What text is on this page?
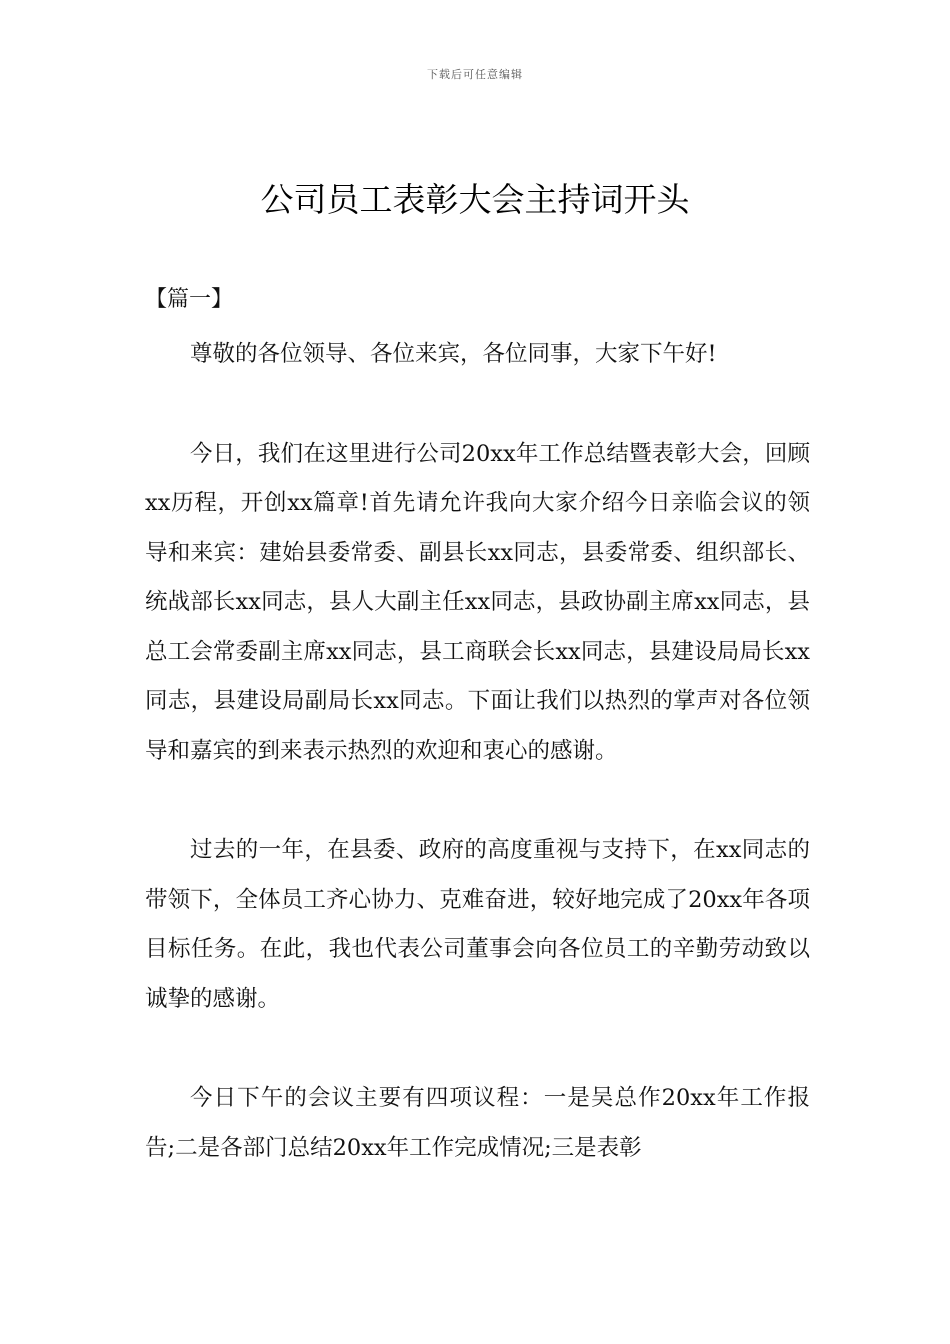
下载后可任意编辑
公司员工表彰大会主持词开头
【篇一】

尊敬的各位领导、各位来宾，各位同事，大家下午好!

今日，我们在这里进行公司20xx年工作总结暨表彰大会，回顾xx历程，开创xx篇章!首先请允许我向大家介绍今日亲临会议的领导和来宾：建始县委常委、副县长xx同志，县委常委、组织部长、统战部长xx同志，县人大副主任xx同志，县政协副主席xx同志，县总工会常委副主席xx同志，县工商联会长xx同志，县建设局局长xx同志，县建设局副局长xx同志。下面让我们以热烈的掌声对各位领导和嘉宾的到来表示热烈的欢迎和衷心的感谢。

过去的一年，在县委、政府的高度重视与支持下，在xx同志的带领下，全体员工齐心协力、克难奋进，较好地完成了20xx年各项目标任务。在此，我也代表公司董事会向各位员工的辛勤劳动致以诚挚的感谢。

今日下午的会议主要有四项议程：一是吴总作20xx年工作报告;二是各部门总结20xx年工作完成情况;三是表彰
